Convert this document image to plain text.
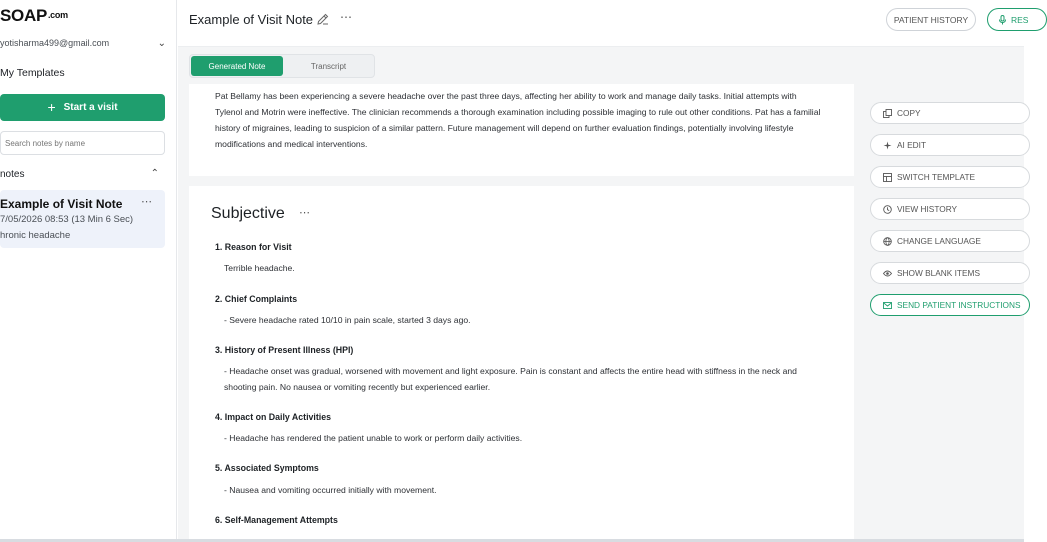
SOAP.com
yotisharma499@gmail.com	⌄
My Templates
+ Start a visit
Search notes by name
notes	⌃
Example of Visit Note ⋯
7/05/2026 08:53 (13 Min 6 Sec)
hronic headache
Example of Visit Note ⋯	PATIENT HISTORY	RES
Generated Note	Transcript

Pat Bellamy has been experiencing a severe headache over the past three days, affecting her ability to work and manage daily tasks. Initial attempts with Tylenol and Motrin were ineffective. The clinician recommends a thorough examination including possible imaging to rule out other conditions. Pat has a familial history of migraines, leading to suspicion of a similar pattern. Future management will depend on further evaluation findings, potentially involving lifestyle modifications and medical interventions.

Subjective ⋯
1. Reason for Visit
Terrible headache.
2. Chief Complaints
- Severe headache rated 10/10 in pain scale, started 3 days ago.
3. History of Present Illness (HPI)
- Headache onset was gradual, worsened with movement and light exposure. Pain is constant and affects the entire head with stiffness in the neck and shooting pain. No nausea or vomiting recently but experienced earlier.
4. Impact on Daily Activities
- Headache has rendered the patient unable to work or perform daily activities.
5. Associated Symptoms
- Nausea and vomiting occurred initially with movement.
6. Self-Management Attempts
COPY
AI EDIT
SWITCH TEMPLATE
VIEW HISTORY
CHANGE LANGUAGE
SHOW BLANK ITEMS
SEND PATIENT INSTRUCTIONS
